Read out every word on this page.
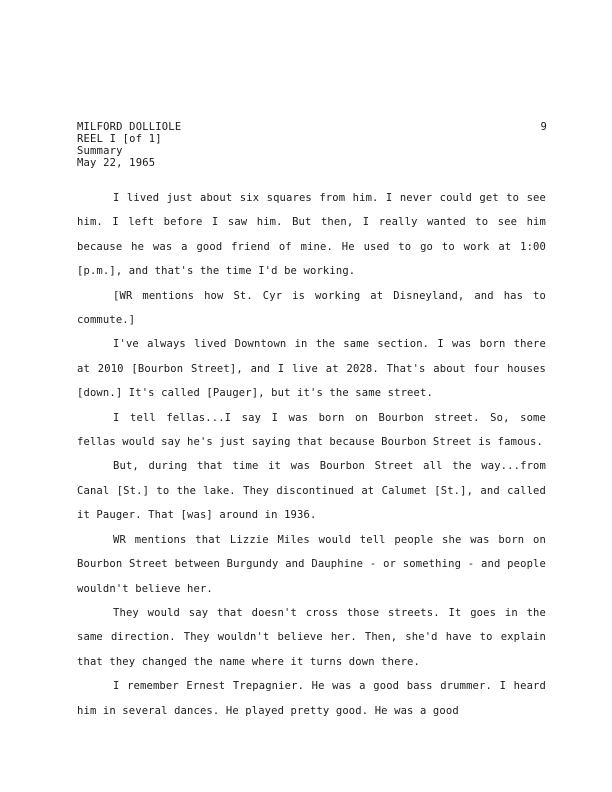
MILFORD DOLLIOLE
REEL I [of 1]
Summary
May 22, 1965
9

I lived just about six squares from him. I never could get to see him. I left before I saw him. But then, I really wanted to see him because he was a good friend of mine. He used to go to work at 1:00 [p.m.], and that's the time I'd be working.

[WR mentions how St. Cyr is working at Disneyland, and has to commute.]

I've always lived Downtown in the same section. I was born there at 2010 [Bourbon Street], and I live at 2028. That's about four houses [down.] It's called [Pauger], but it's the same street.

I tell fellas...I say I was born on Bourbon street. So, some fellas would say he's just saying that because Bourbon Street is famous.

But, during that time it was Bourbon Street all the way...from Canal [St.] to the lake. They discontinued at Calumet [St.], and called it Pauger. That [was] around in 1936.

WR mentions that Lizzie Miles would tell people she was born on Bourbon Street between Burgundy and Dauphine - or something - and people wouldn't believe her.

They would say that doesn't cross those streets. It goes in the same direction. They wouldn't believe her. Then, she'd have to explain that they changed the name where it turns down there.

I remember Ernest Trepagnier. He was a good bass drummer. I heard him in several dances. He played pretty good. He was a good
